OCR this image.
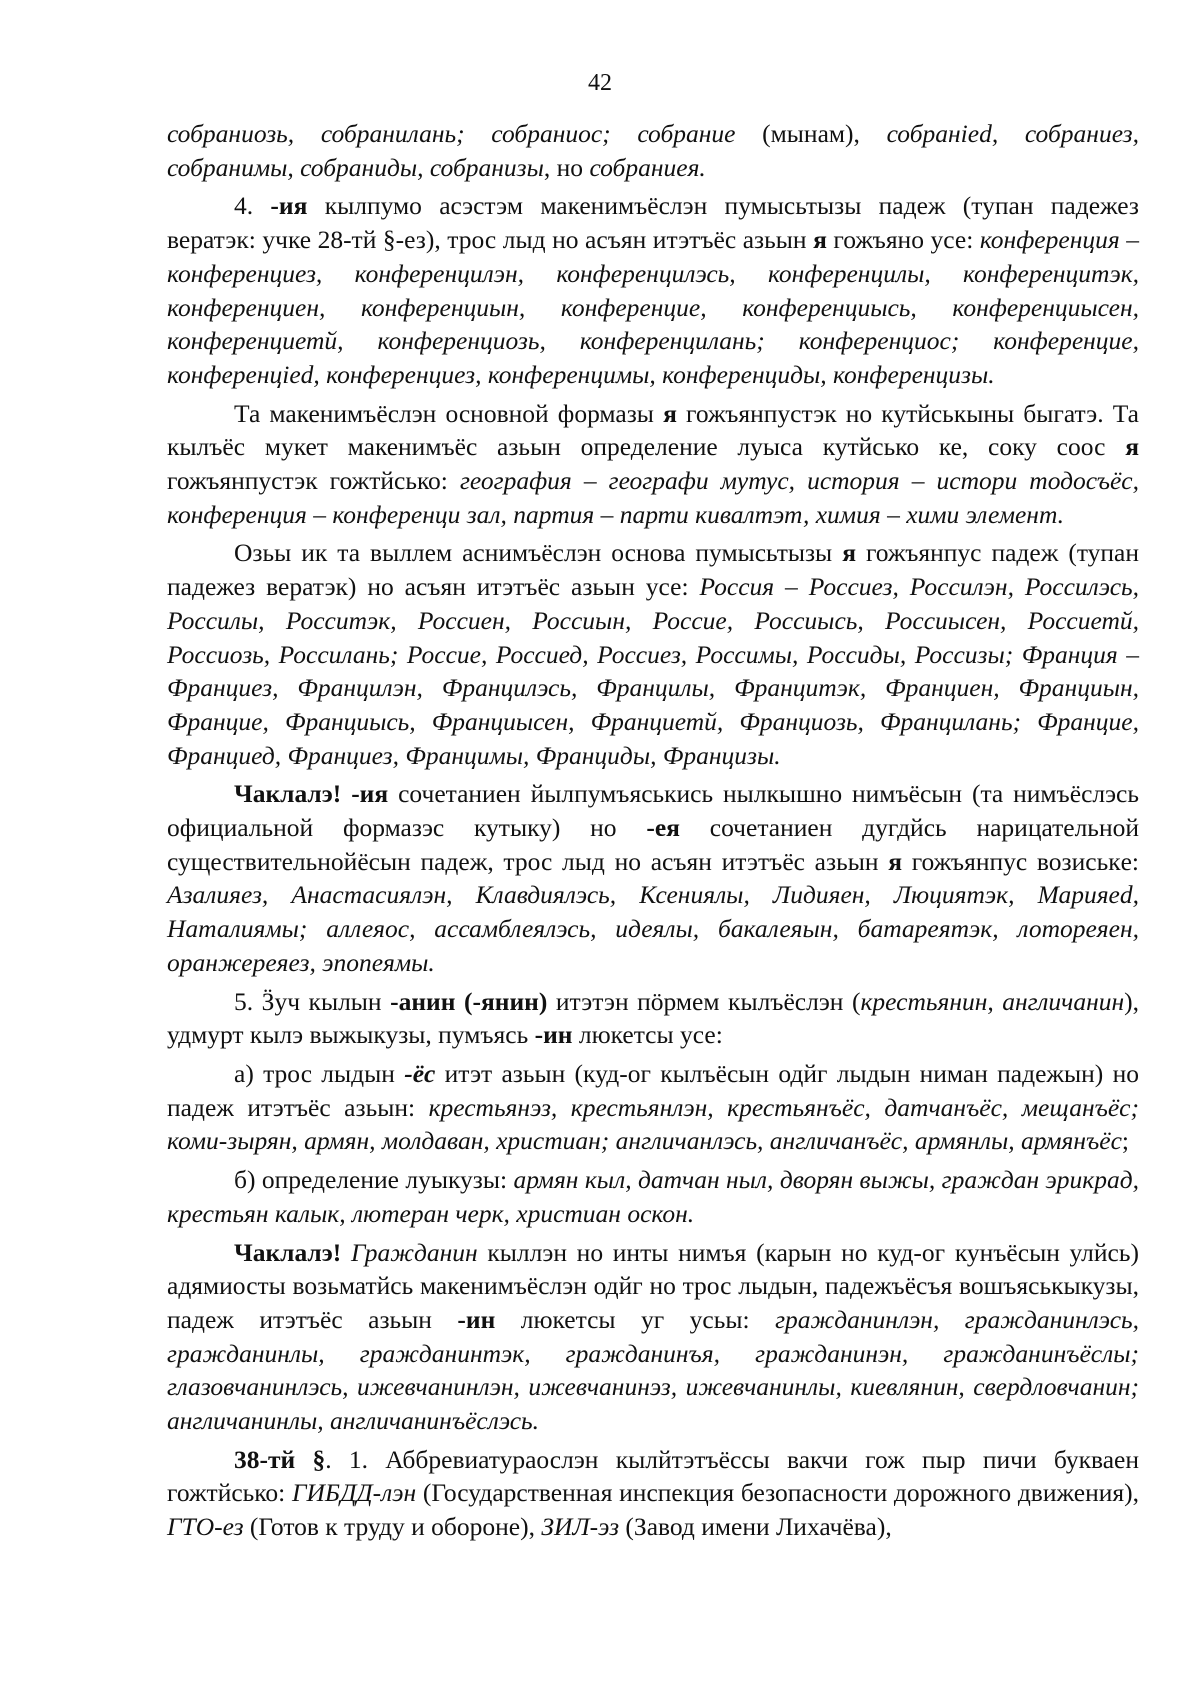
42

собраниозь, собранилань; собраниос; собрание (мынам), собранied, собраниез, собранимы, собраниды, собранизы, но собраниея.

4. -ия кылпумо асэстэм макенимъёслэн пумысьтызы падеж (тупан падежез вератэк: учке 28-тй §-ез), трос лыд но асъян итэтъёс азьын я гожъяно усе: конференция – конференциез, конференцилэн, конференцилэсь, конференцилы, конференцитэк, конференциен, конференциын, конференцие, конференциысь, конференциысен, конференциетй, конференциозь, конференцилань; конференциос; конференцие, конференцied, конференциез, конференцимы, конференциды, конференцизы.

Та макенимъёслэн основной формазы я гожъянпустэк но кутйськыны быгатэ. Та кылъёс мукет макенимъёс азьын определение луыса кутйсько ке, соку соос я гожъянпустэк гожтйсько: география – географи мутус, история – истори тодосъёс, конференция – конференци зал, партия – парти кивалтэт, химия – хими элемент.

Озьы ик та выллем аснимъёслэн основа пумысьтызы я гожъянпус падеж (тупан падежез вератэк) но асъян итэтъёс азьын усе: Россия – Россиез, Россилэн, Россилэсь, Россилы, Росситэк, Россиен, Россиын, Россие, Россиысь, Россиысен, Россиетй, Россиозь, Россилань; Россие, Россиед, Россиез, Россимы, Россиды, Россизы; Франция – Франциез, Францилэн, Францилэсь, Францилы, Францитэк, Франциен, Франциын, Франциe, Франциысь, Франциысен, Франциетй, Франциозь, Францилань; Франциe, Франциед, Франциез, Францимы, Франциды, Францизы.

Чаклалэ! -ия сочетаниен йылпумъяськись нылкышно нимъёсын (та нимъёслэсь официальной формазэс кутыку) но -ея сочетаниен дугдйсь нарицательной существительнойёсын падеж, трос лыд но асъян итэтъёс азьын я гожъянпус возиськe: Азалияез, Анастасиялэн, Клавдиялэсь, Ксениялы, Лидияен, Люциятэк, Марияed, Наталиямы; аллеяос, ассамблеялэсь, идеялы, бакалеяын, батареятэк, лотореяен, оранжереяез, эпопеямы.

5. Ӟуч кылын -анин (-янин) итэтэн пöрмем кылъёслэн (крестьянин, англичанин), удмурт кылэ выжыкузы, пумъясь -ин люкетсы усе:

а) трос лыдын -ёс итэт азьын (куд-ог кылъёсын одйг лыдын ниман падежын) но падеж итэтъёс азьын: крестьянэз, крестьянлэн, крестьянъёс, датчанъёс, мещанъёс; коми-зырян, армян, молдаван, христиан; англичанлэсь, англичанъёс, армянлы, армянъёс;

б) определение луыкузы: армян кыл, датчан ныл, дворян выжы, граждан эрикрад, крестьян калык, лютеран черк, христиан оскон.

Чаклалэ! Гражданин кыллэн но инты нимъя (карын но куд-ог кунъёсын улйсь) адямиосты возьматйсь макенимъёслэн одйг но трос лыдын, падежъёсъя вошъяськыкузы, падеж итэтъёс азьын -ин люкетсы уг усьы: гражданинлэн, гражданинлэсь, гражданинлы, гражданинтэк, гражданинъя, гражданинэн, гражданинъёслы; глазовчанинлэсь, ижевчанинлэн, ижевчанинэз, ижевчанинлы, киевлянин, свердловчанин; англичанинлы, англичанинъёслэсь.

38-тй §. 1. Аббревиатураослэн кылйтэтъёссы вакчи гож пыр пичи букваен гожтйсько: ГИБДД-лэн (Государственная инспекция безопасности дорожного движения), ГТО-ез (Готов к труду и обороне), ЗИЛ-эз (Завод имени Лихачёва),
